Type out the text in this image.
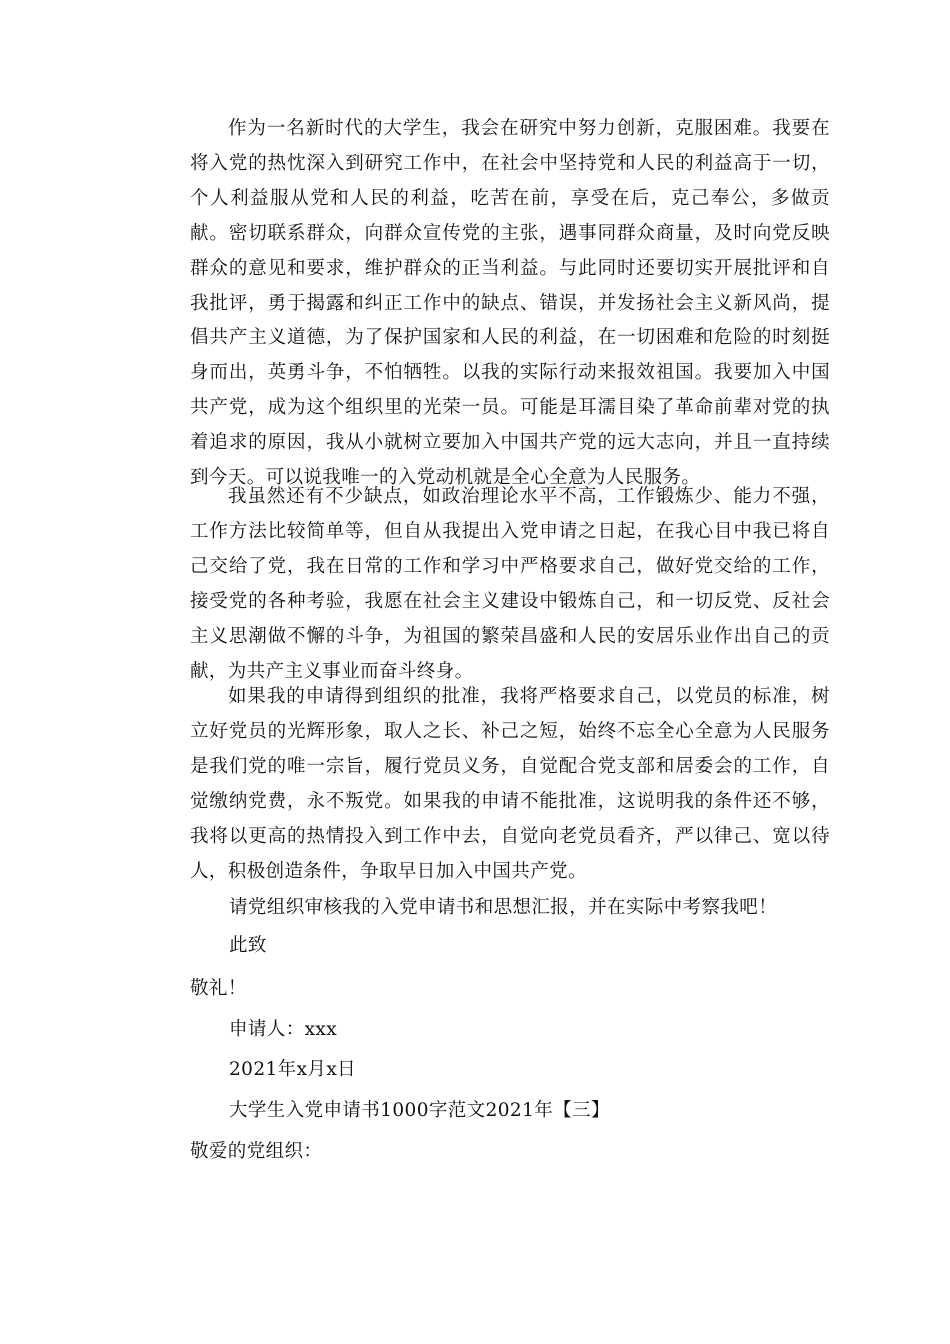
作为一名新时代的大学生，我会在研究中努力创新，克服困难。我要在将入党的热忱深入到研究工作中，在社会中坚持党和人民的利益高于一切，个人利益服从党和人民的利益，吃苦在前，享受在后，克己奉公，多做贡献。密切联系群众，向群众宣传党的主张，遇事同群众商量，及时向党反映群众的意见和要求，维护群众的正当利益。与此同时还要切实开展批评和自我批评，勇于揭露和纠正工作中的缺点、错误，并发扬社会主义新风尚，提倡共产主义道德，为了保护国家和人民的利益，在一切困难和危险的时刻挺身而出，英勇斗争，不怕牺牲。以我的实际行动来报效祖国。我要加入中国共产党，成为这个组织里的光荣一员。可能是耳濡目染了革命前辈对党的执着追求的原因，我从小就树立要加入中国共产党的远大志向，并且一直持续到今天。可以说我唯一的入党动机就是全心全意为人民服务。

我虽然还有不少缺点，如政治理论水平不高，工作锻炼少、能力不强，工作方法比较简单等，但自从我提出入党申请之日起，在我心目中我已将自己交给了党，我在日常的工作和学习中严格要求自己，做好党交给的工作，接受党的各种考验，我愿在社会主义建设中锻炼自己，和一切反党、反社会主义思潮做不懈的斗争，为祖国的繁荣昌盛和人民的安居乐业作出自己的贡献，为共产主义事业而奋斗终身。

如果我的申请得到组织的批准，我将严格要求自己，以党员的标准，树立好党员的光辉形象，取人之长、补己之短，始终不忘全心全意为人民服务是我们党的唯一宗旨，履行党员义务，自觉配合党支部和居委会的工作，自觉缴纳党费，永不叛党。如果我的申请不能批准，这说明我的条件还不够，我将以更高的热情投入到工作中去，自觉向老党员看齐，严以律己、宽以待人，积极创造条件，争取早日加入中国共产党。

请党组织审核我的入党申请书和思想汇报，并在实际中考察我吧！

此致

敬礼！

申请人：xxx

2021年x月x日

大学生入党申请书1000字范文2021年【三】

敬爱的党组织：
